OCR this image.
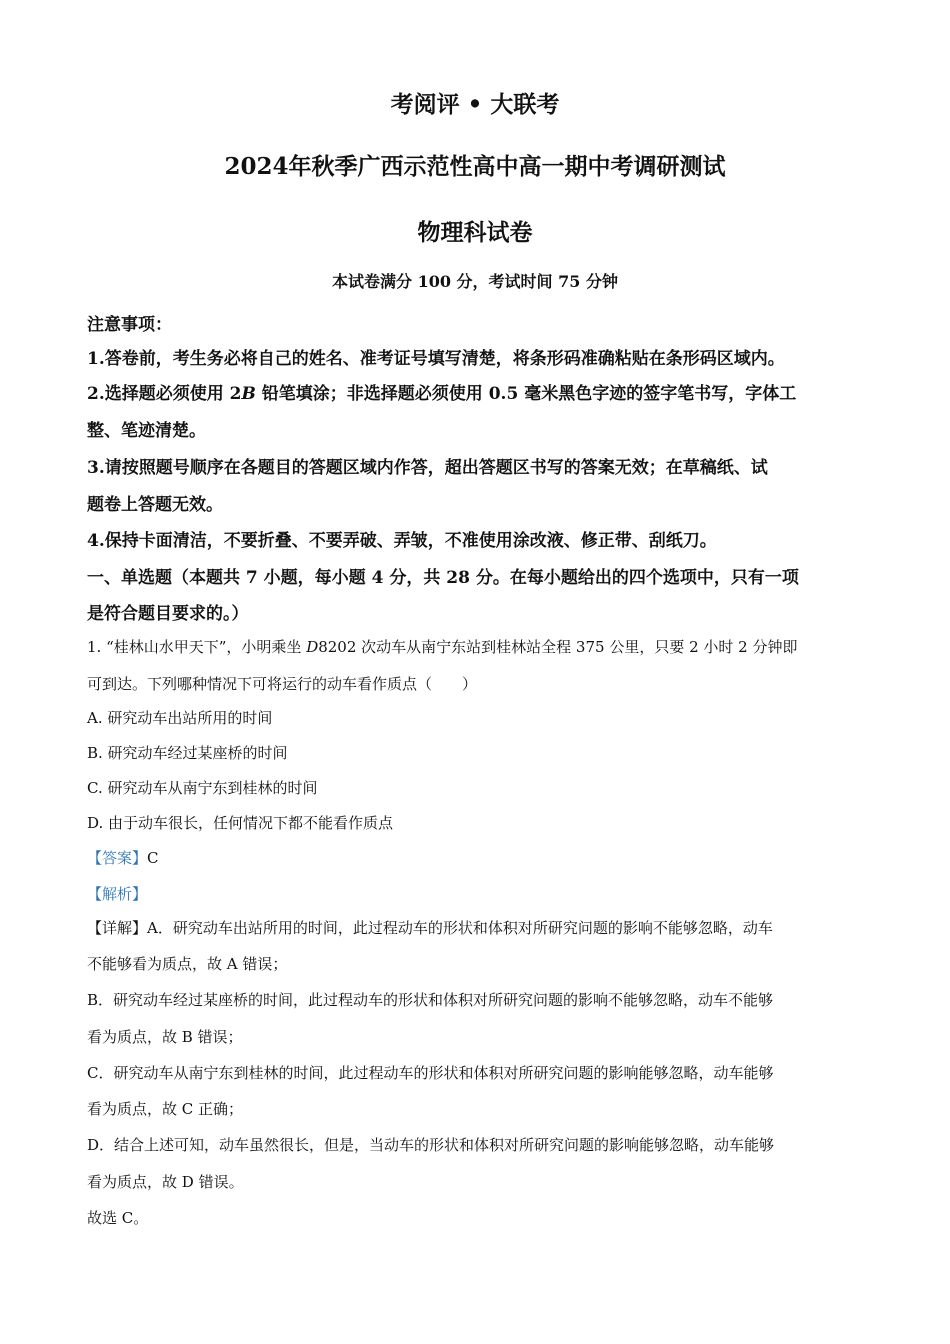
考阅评 • 大联考
2024年秋季广西示范性高中高一期中考调研测试
物理科试卷
本试卷满分 100 分，考试时间 75 分钟
注意事项：
1.答卷前，考生务必将自己的姓名、准考证号填写清楚，将条形码准确粘贴在条形码区域内。
2.选择题必须使用 2B 铅笔填涂；非选择题必须使用 0.5 毫米黑色字迹的签字笔书写，字体工
整、笔迹清楚。
3.请按照题号顺序在各题目的答题区域内作答，超出答题区书写的答案无效；在草稿纸、试
题卷上答题无效。
4.保持卡面清洁，不要折叠、不要弄破、弄皱，不准使用涂改液、修正带、刮纸刀。
一、单选题（本题共 7 小题，每小题 4 分，共 28 分。在每小题给出的四个选项中，只有一项
是符合题目要求的。）
1. “桂林山水甲天下”，小明乘坐 D8202 次动车从南宁东站到桂林站全程 375 公里，只要 2 小时 2 分钟即
可到达。下列哪种情况下可将运行的动车看作质点（　　）
A. 研究动车出站所用的时间
B. 研究动车经过某座桥的时间
C. 研究动车从南宁东到桂林的时间
D. 由于动车很长，任何情况下都不能看作质点
【答案】C
【解析】
【详解】A．研究动车出站所用的时间，此过程动车的形状和体积对所研究问题的影响不能够忽略，动车
不能够看为质点，故 A 错误；
B．研究动车经过某座桥的时间，此过程动车的形状和体积对所研究问题的影响不能够忽略，动车不能够
看为质点，故 B 错误；
C．研究动车从南宁东到桂林的时间，此过程动车的形状和体积对所研究问题的影响能够忽略，动车能够
看为质点，故 C 正确；
D．结合上述可知，动车虽然很长，但是，当动车的形状和体积对所研究问题的影响能够忽略，动车能够
看为质点，故 D 错误。
故选 C。
